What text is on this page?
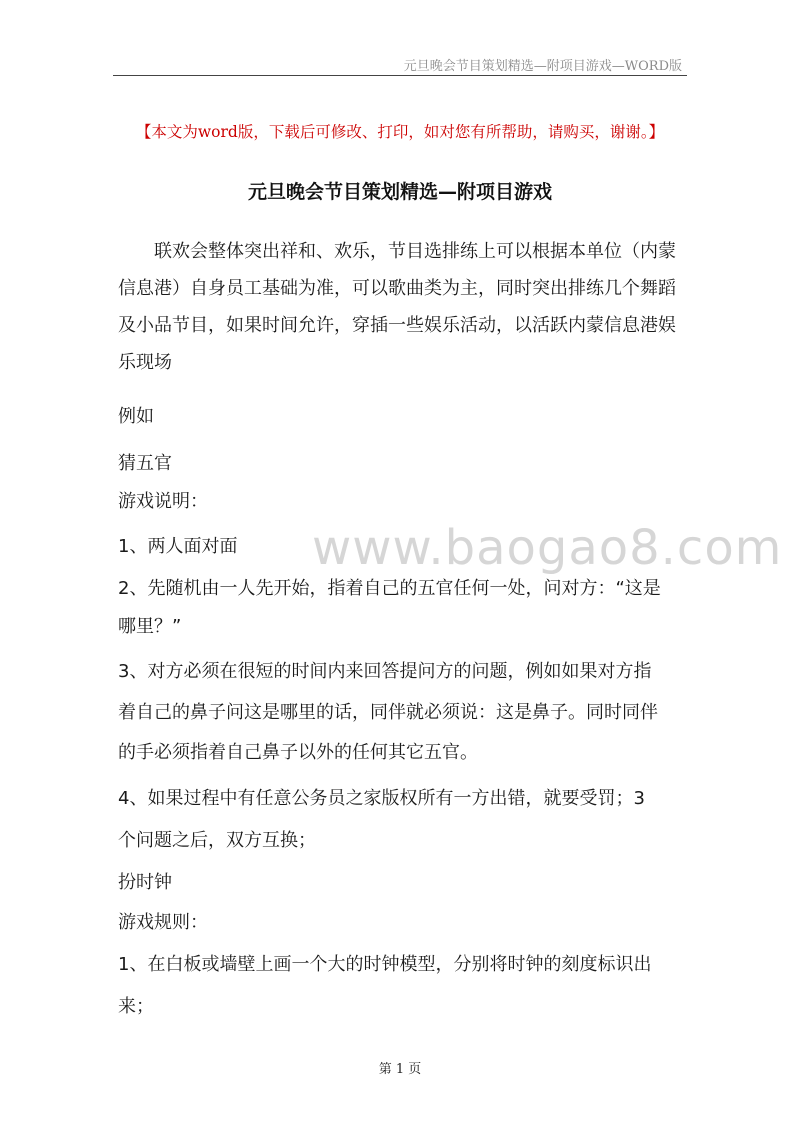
元旦晚会节目策划精选—附项目游戏—WORD版
【本文为word版，下载后可修改、打印，如对您有所帮助，请购买，谢谢。】
元旦晚会节目策划精选—附项目游戏
联欢会整体突出祥和、欢乐，节目选排练上可以根据本单位（内蒙信息港）自身员工基础为准，可以歌曲类为主，同时突出排练几个舞蹈及小品节目，如果时间允许，穿插一些娱乐活动，以活跃内蒙信息港娱乐现场
例如
猜五官
游戏说明：
1、两人面对面
2、先随机由一人先开始，指着自己的五官任何一处，问对方：“这是
哪里？”
3、对方必须在很短的时间内来回答提问方的问题，例如如果对方指
着自己的鼻子问这是哪里的话，同伴就必须说：这是鼻子。同时同伴
的手必须指着自己鼻子以外的任何其它五官。
4、如果过程中有任意公务员之家版权所有一方出错，就要受罚；3
个问题之后，双方互换；
扮时钟
游戏规则：
1、在白板或墙壁上画一个大的时钟模型，分别将时钟的刻度标识出
来；
www.baogao8.com
第 1 页
